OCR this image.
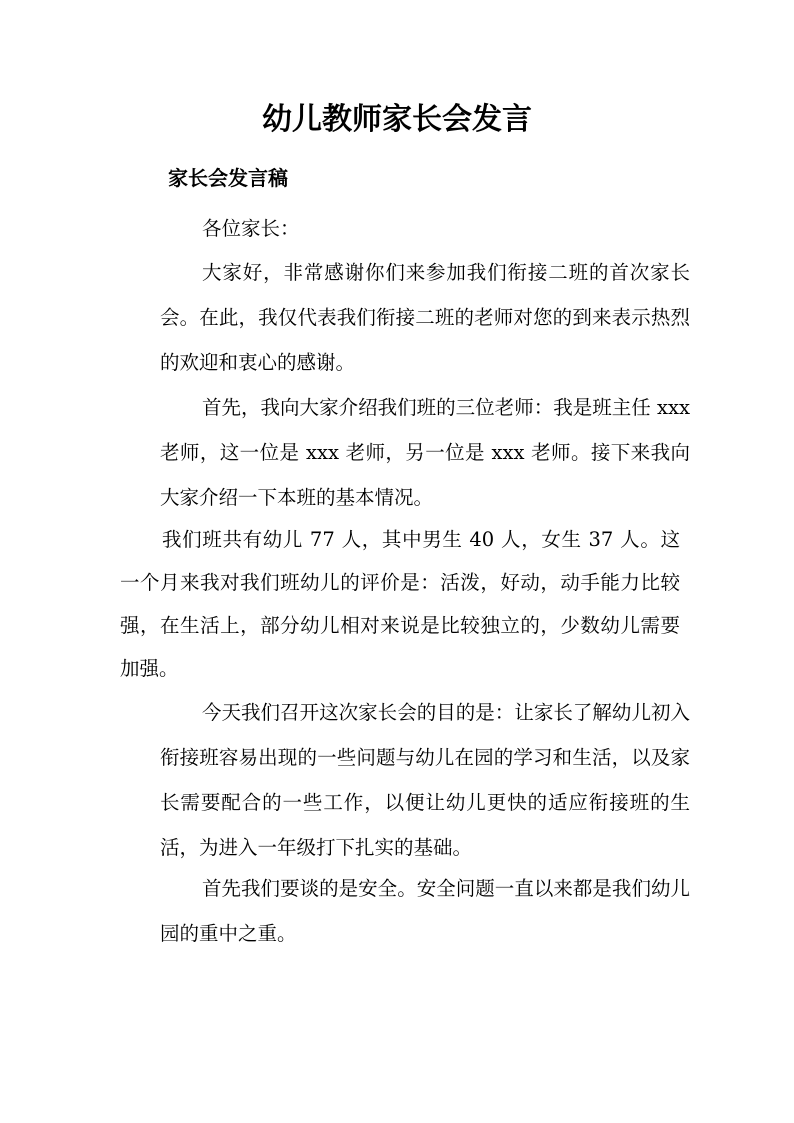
幼儿教师家长会发言
家长会发言稿
各位家长：
大家好，非常感谢你们来参加我们衔接二班的首次家长会。在此，我仅代表我们衔接二班的老师对您的到来表示热烈的欢迎和衷心的感谢。
首先，我向大家介绍我们班的三位老师：我是班主任 xxx 老师，这一位是 xxx 老师，另一位是 xxx 老师。接下来我向大家介绍一下本班的基本情况。
我们班共有幼儿 77 人，其中男生 40 人，女生 37 人。这一个月来我对我们班幼儿的评价是：活泼，好动，动手能力比较强，在生活上，部分幼儿相对来说是比较独立的，少数幼儿需要加强。
今天我们召开这次家长会的目的是：让家长了解幼儿初入衔接班容易出现的一些问题与幼儿在园的学习和生活，以及家长需要配合的一些工作，以便让幼儿更快的适应衔接班的生活，为进入一年级打下扎实的基础。
首先我们要谈的是安全。安全问题一直以来都是我们幼儿园的重中之重。
